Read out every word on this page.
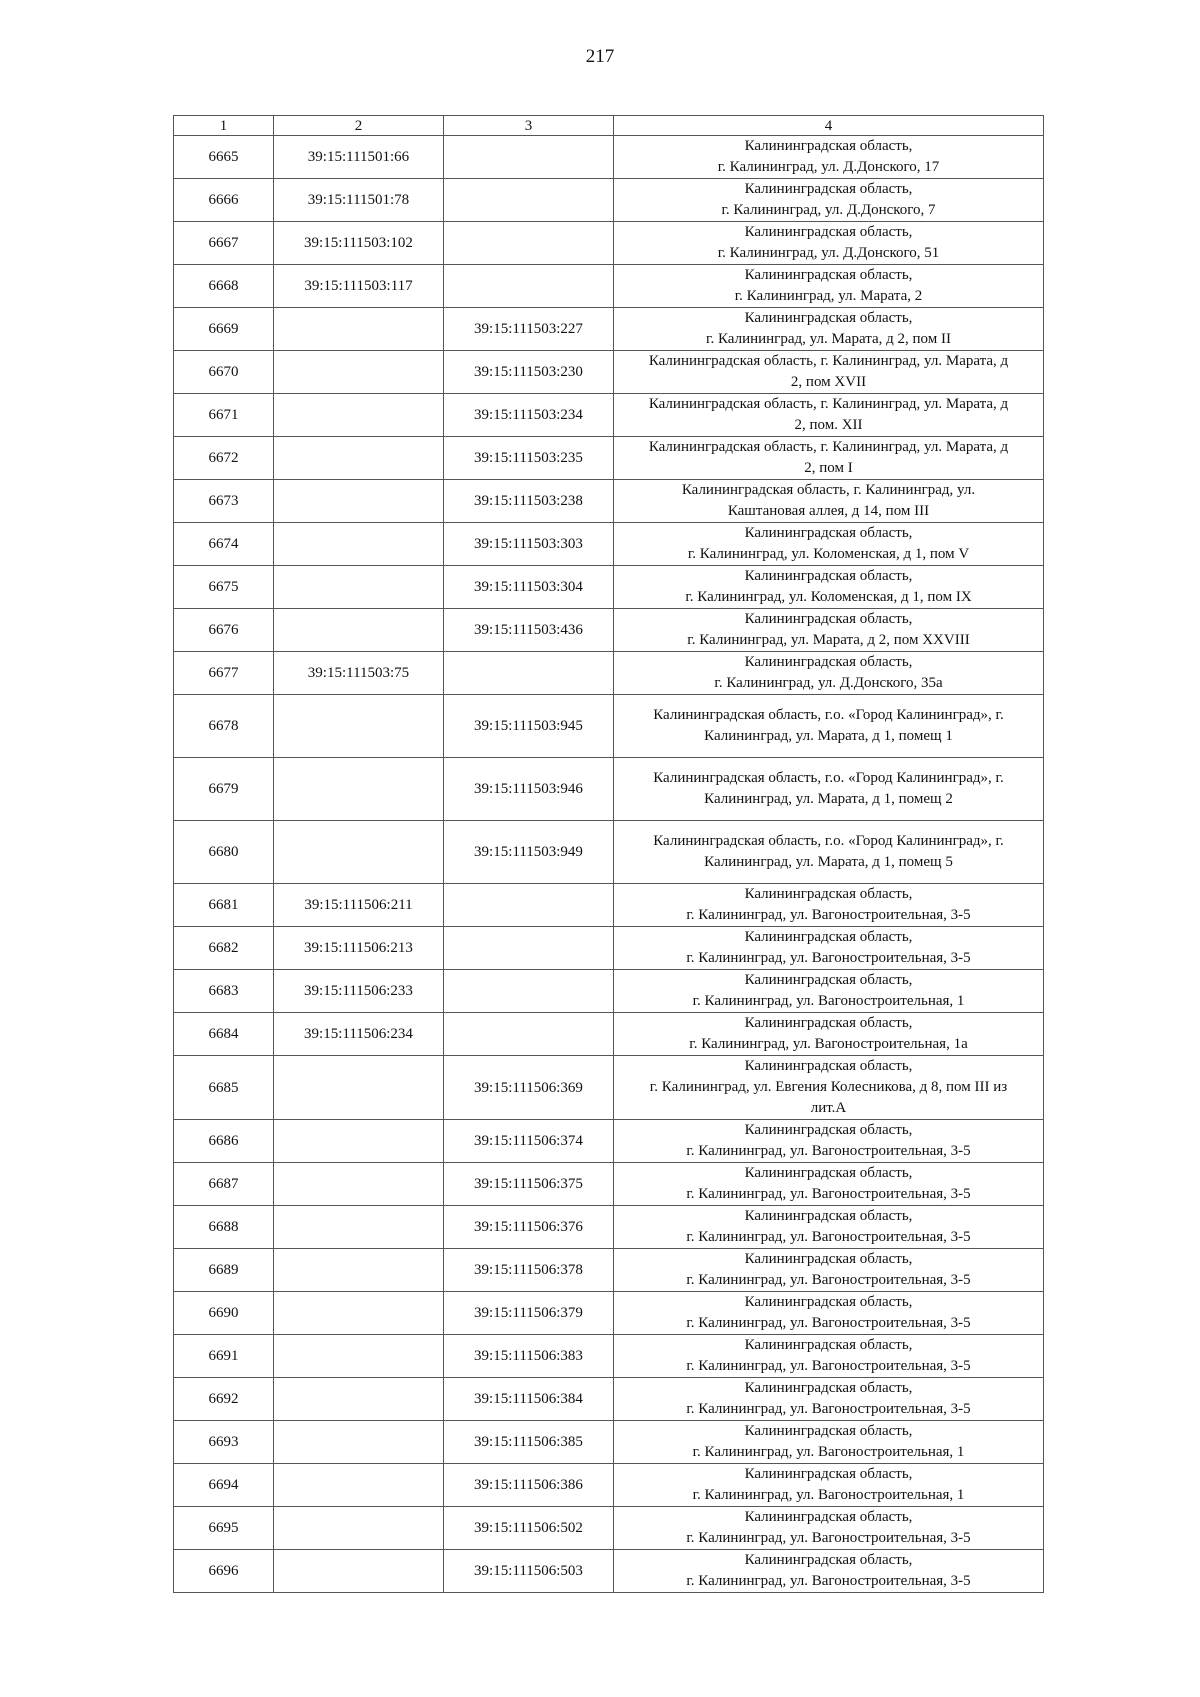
217
1	2	3	4
6665	39:15:111501:66		Калининградская область,
г. Калининград, ул. Д.Донского, 17
6666	39:15:111501:78		Калининградская область,
г. Калининград, ул. Д.Донского, 7
6667	39:15:111503:102		Калининградская область,
г. Калининград, ул. Д.Донского, 51
6668	39:15:111503:117		Калининградская область,
г. Калининград, ул. Марата, 2
6669		39:15:111503:227	Калининградская область,
г. Калининград, ул. Марата, д 2, пом II
6670		39:15:111503:230	Калининградская область, г. Калининград, ул. Марата, д
2, пом XVII
6671		39:15:111503:234	Калининградская область, г. Калининград, ул. Марата, д
2, пом. XII
6672		39:15:111503:235	Калининградская область, г. Калининград, ул. Марата, д
2, пом I
6673		39:15:111503:238	Калининградская область, г. Калининград, ул.
Каштановая аллея, д 14, пом III
6674		39:15:111503:303	Калининградская область,
г. Калининград, ул. Коломенская, д 1, пом V
6675		39:15:111503:304	Калининградская область,
г. Калининград, ул. Коломенская, д 1, пом IX
6676		39:15:111503:436	Калининградская область,
г. Калининград, ул. Марата, д 2, пом XXVIII
6677	39:15:111503:75		Калининградская область,
г. Калининград, ул. Д.Донского, 35а
6678		39:15:111503:945	Калининградская область, г.о. «Город Калининград», г.
Калининград, ул. Марата, д 1, помещ 1
6679		39:15:111503:946	Калининградская область, г.о. «Город Калининград», г.
Калининград, ул. Марата, д 1, помещ 2
6680		39:15:111503:949	Калининградская область, г.о. «Город Калининград», г.
Калининград, ул. Марата, д 1, помещ 5
6681	39:15:111506:211		Калининградская область,
г. Калининград, ул. Вагоностроительная, 3-5
6682	39:15:111506:213		Калининградская область,
г. Калининград, ул. Вагоностроительная, 3-5
6683	39:15:111506:233		Калининградская область,
г. Калининград, ул. Вагоностроительная, 1
6684	39:15:111506:234		Калининградская область,
г. Калининград, ул. Вагоностроительная, 1а
6685		39:15:111506:369	Калининградская область,
г. Калининград, ул. Евгения Колесникова, д 8, пом III из
лит.А
6686		39:15:111506:374	Калининградская область,
г. Калининград, ул. Вагоностроительная, 3-5
6687		39:15:111506:375	Калининградская область,
г. Калининград, ул. Вагоностроительная, 3-5
6688		39:15:111506:376	Калининградская область,
г. Калининград, ул. Вагоностроительная, 3-5
6689		39:15:111506:378	Калининградская область,
г. Калининград, ул. Вагоностроительная, 3-5
6690		39:15:111506:379	Калининградская область,
г. Калининград, ул. Вагоностроительная, 3-5
6691		39:15:111506:383	Калининградская область,
г. Калининград, ул. Вагоностроительная, 3-5
6692		39:15:111506:384	Калининградская область,
г. Калининград, ул. Вагоностроительная, 3-5
6693		39:15:111506:385	Калининградская область,
г. Калининград, ул. Вагоностроительная, 1
6694		39:15:111506:386	Калининградская область,
г. Калининград, ул. Вагоностроительная, 1
6695		39:15:111506:502	Калининградская область,
г. Калининград, ул. Вагоностроительная, 3-5
6696		39:15:111506:503	Калининградская область,
г. Калининград, ул. Вагоностроительная, 3-5
